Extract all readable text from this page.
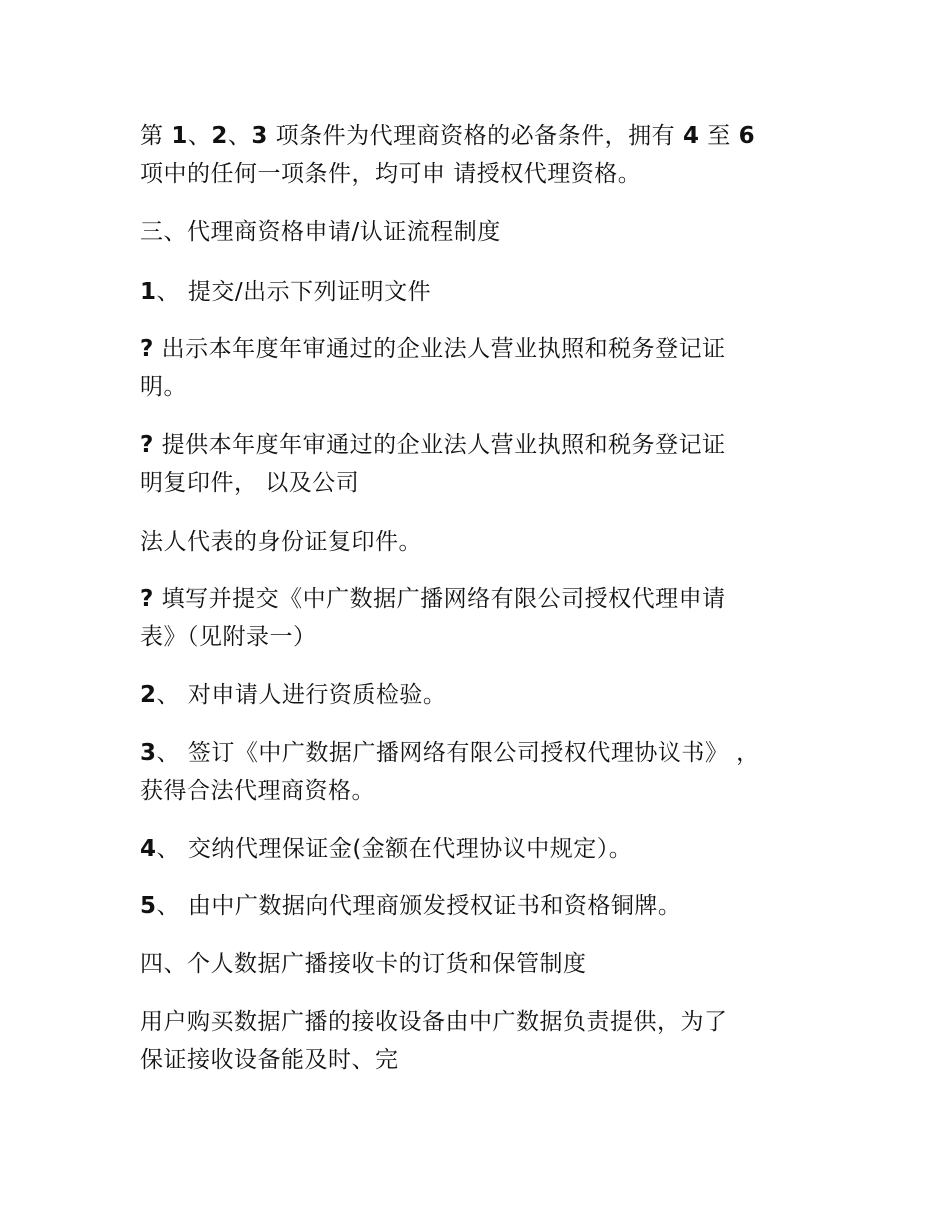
第 1、2、3 项条件为代理商资格的必备条件，拥有 4 至 6
项中的任何一项条件，均可申 请授权代理资格。

三、代理商资格申请/认证流程制度

1、 提交/出示下列证明文件

? 出示本年度年审通过的企业法人营业执照和税务登记证
明。

? 提供本年度年审通过的企业法人营业执照和税务登记证
明复印件， 以及公司

法人代表的身份证复印件。

? 填写并提交《中广数据广播网络有限公司授权代理申请
表》（见附录一）

2、 对申请人进行资质检验。

3、 签订《中广数据广播网络有限公司授权代理协议书》 ，
获得合法代理商资格。

4、 交纳代理保证金(金额在代理协议中规定）。

5、 由中广数据向代理商颁发授权证书和资格铜牌。

四、个人数据广播接收卡的订货和保管制度

用户购买数据广播的接收设备由中广数据负责提供，为了
保证接收设备能及时、完
